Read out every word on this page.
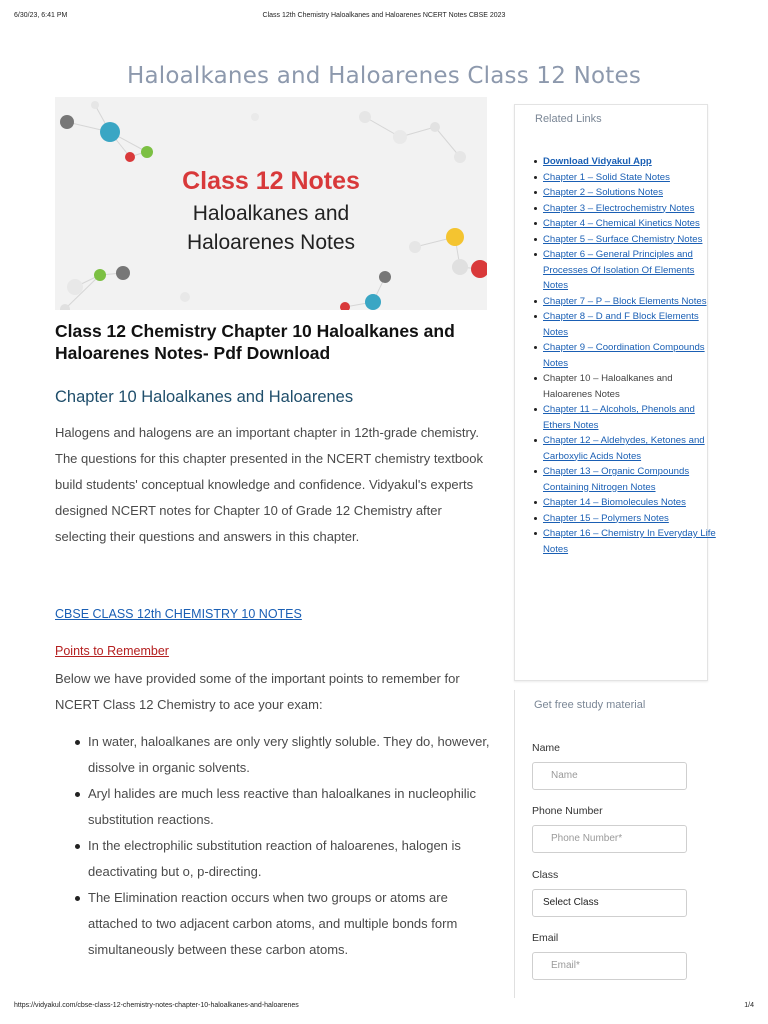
6/30/23, 6:41 PM	Class 12th Chemistry Haloalkanes and Haloarenes NCERT Notes CBSE 2023
Haloalkanes and Haloarenes Class 12 Notes
Class 12 Notes
Haloalkanes and
Haloarenes Notes
Class 12 Chemistry Chapter 10 Haloalkanes and Haloarenes Notes- Pdf Download
Chapter 10 Haloalkanes and Haloarenes

Halogens and halogens are an important chapter in 12th-grade chemistry. The questions for this chapter presented in the NCERT chemistry textbook build students' conceptual knowledge and confidence. Vidyakul's experts designed NCERT notes for Chapter 10 of Grade 12 Chemistry after selecting their questions and answers in this chapter.

CBSE CLASS 12th CHEMISTRY 10 NOTES
Points to Remember

Below we have provided some of the important points to remember for NCERT Class 12 Chemistry to ace your exam:

In water, haloalkanes are only very slightly soluble. They do, however, dissolve in organic solvents.
Aryl halides are much less reactive than haloalkanes in nucleophilic substitution reactions.
In the electrophilic substitution reaction of haloarenes, halogen is deactivating but o, p-directing.
The Elimination reaction occurs when two groups or atoms are attached to two adjacent carbon atoms, and multiple bonds form simultaneously between these carbon atoms.
Related Links
Download Vidyakul App
Chapter 1 – Solid State Notes
Chapter 2 – Solutions Notes
Chapter 3 – Electrochemistry Notes
Chapter 4 – Chemical Kinetics Notes
Chapter 5 – Surface Chemistry Notes
Chapter 6 – General Principles and Processes Of Isolation Of Elements Notes
Chapter 7 – P – Block Elements Notes
Chapter 8 – D and F Block Elements Notes
Chapter 9 – Coordination Compounds Notes
Chapter 10 – Haloalkanes and Haloarenes Notes
Chapter 11 – Alcohols, Phenols and Ethers Notes
Chapter 12 – Aldehydes, Ketones and Carboxylic Acids Notes
Chapter 13 – Organic Compounds Containing Nitrogen Notes
Chapter 14 – Biomolecules Notes
Chapter 15 – Polymers Notes
Chapter 16 – Chemistry In Everyday Life Notes
Get free study material
Name
Name
Phone Number
Phone Number*
Class
Select Class
Email
Email*
https://vidyakul.com/cbse-class-12-chemistry-notes-chapter-10-haloalkanes-and-haloarenes	1/4
